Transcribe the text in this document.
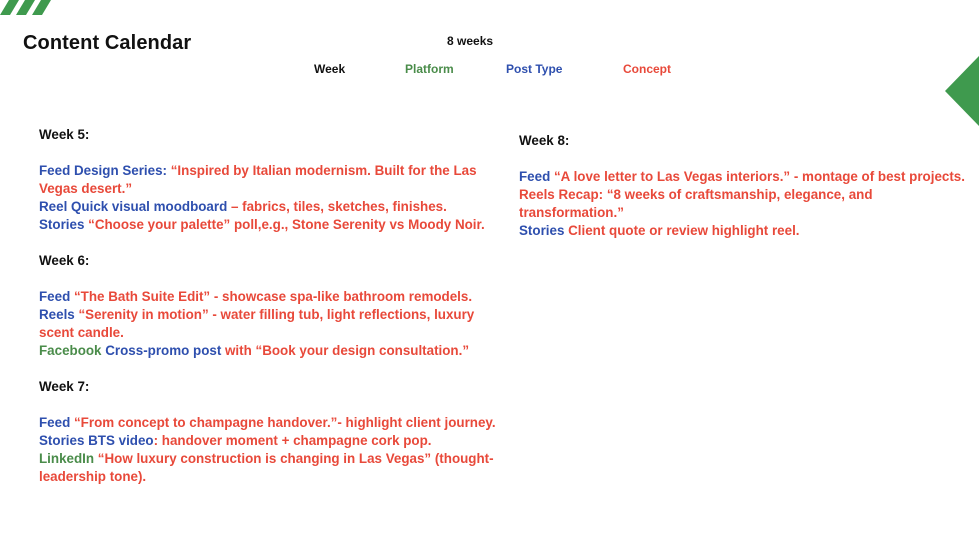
Content Calendar	8 weeks
Week	Platform	Post Type	Concept
Week 5:
Feed Design Series: “Inspired by Italian modernism. Built for the Las Vegas desert.”
Reel Quick visual moodboard – fabrics, tiles, sketches, finishes.
Stories “Choose your palette” poll,e.g., Stone Serenity vs Moody Noir.
Week 6:
Feed “The Bath Suite Edit” - showcase spa-like bathroom remodels.
Reels “Serenity in motion” - water filling tub, light reflections, luxury scent candle.
Facebook Cross-promo post with “Book your design consultation.”
Week 7:
Feed “From concept to champagne handover.”- highlight client journey.
Stories BTS video: handover moment + champagne cork pop.
LinkedIn “How luxury construction is changing in Las Vegas” (thought-leadership tone).
Week 8:
Feed “A love letter to Las Vegas interiors.” - montage of best projects.
Reels Recap: “8 weeks of craftsmanship, elegance, and transformation.”
Stories Client quote or review highlight reel.
